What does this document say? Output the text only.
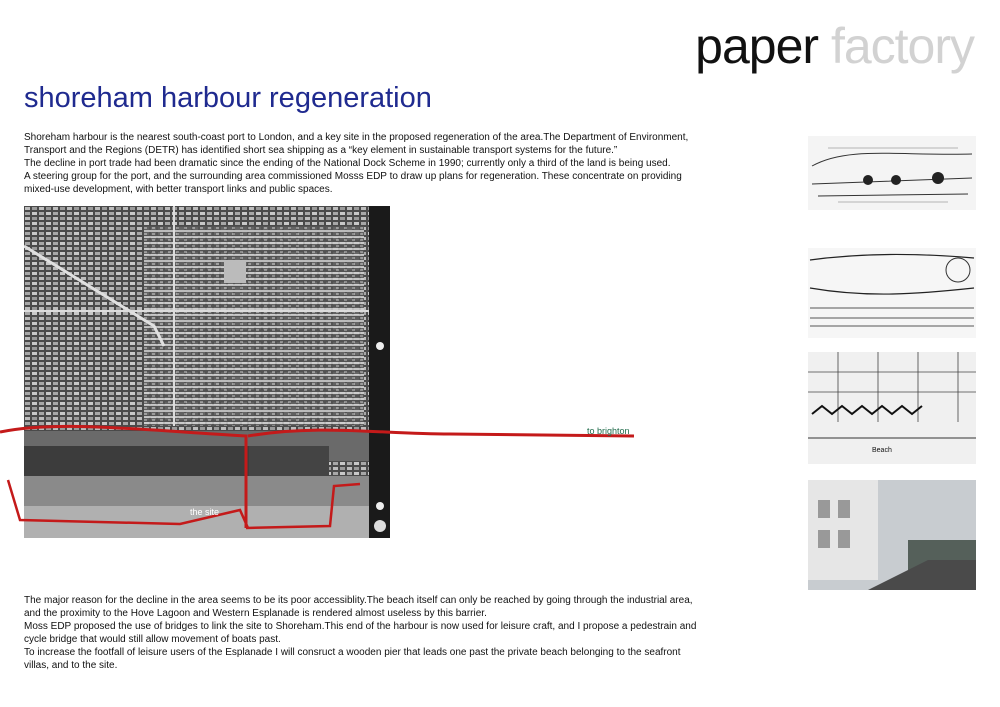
paper factory
shoreham harbour regeneration
Shoreham harbour is the nearest south-coast port to London, and a key site in the proposed regeneration of the area.The Department of Environment, Transport and the Regions (DETR) has identified short sea shipping as a “key element in sustainable transport systems for the future.”
The decline in port trade had been dramatic since the ending of the National Dock Scheme in 1990; currently only a third of the land is being used.
A steering group for the port, and the surrounding area commissioned Mosss EDP to draw up plans for regeneration. These concentrate on providing mixed-use development, with better transport links and public spaces.
to brighton
the site
Beach
The major reason for the decline in the area seems to be its poor accessiblity.The beach itself can only be reached by going through the industrial area, and the proximity to the Hove Lagoon and Western Esplanade is rendered almost useless by this barrier.
Moss EDP proposed the use of bridges to link the site to Shoreham.This end of the harbour is now used for leisure craft, and I propose a pedestrain and cycle bridge that would still allow movement of boats past.
To increase the footfall of leisure users of the Esplanade I will consruct a wooden pier that leads one past the private beach belonging to the seafront villas, and to the site.
